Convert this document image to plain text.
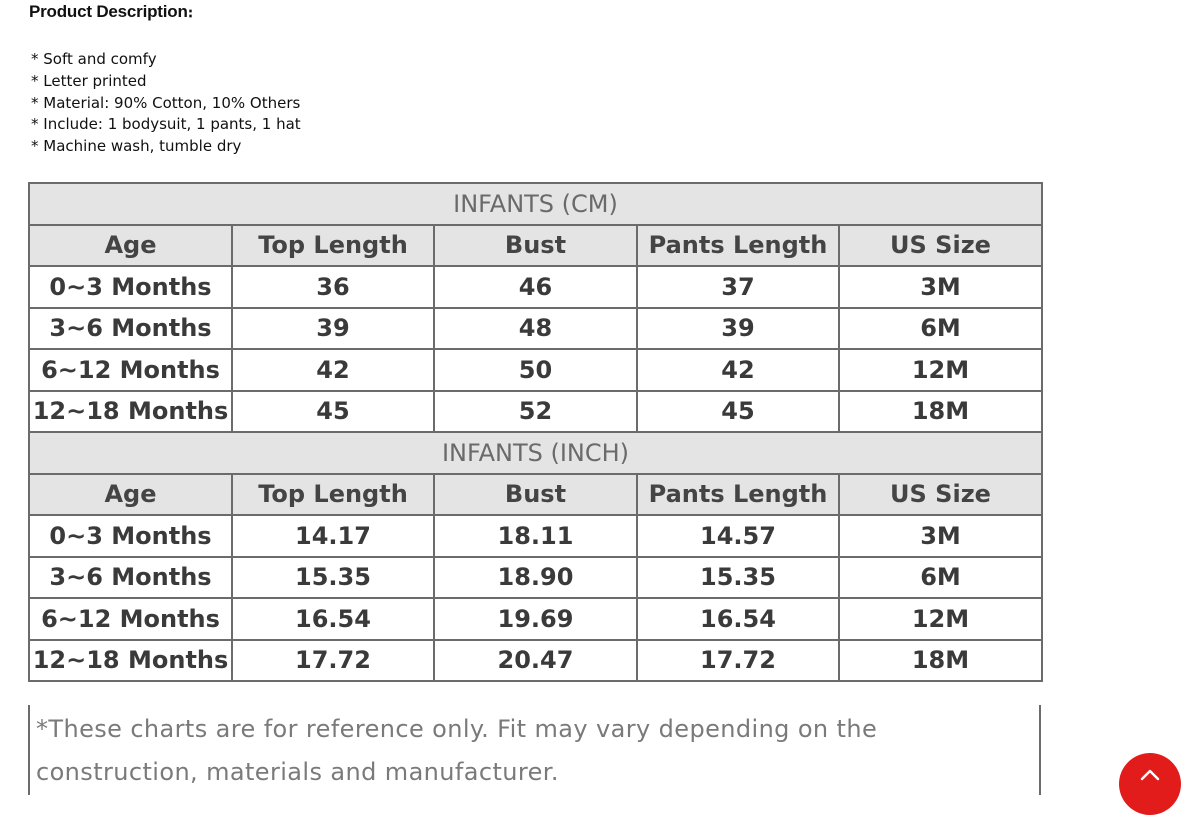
Product Description։
* Soft and comfy
* Letter printed
* Material: 90% Cotton, 10% Others
* Include: 1 bodysuit, 1 pants, 1 hat
* Machine wash, tumble dry
INFANTS (CM)				
Age	Top Length	Bust	Pants Length	US Size
0~3 Months	36	46	37	3M
3~6 Months	39	48	39	6M
6~12 Months	42	50	42	12M
12~18 Months	45	52	45	18M
INFANTS (INCH)				
Age	Top Length	Bust	Pants Length	US Size
0~3 Months	14.17	18.11	14.57	3M
3~6 Months	15.35	18.90	15.35	6M
6~12 Months	16.54	19.69	16.54	12M
12~18 Months	17.72	20.47	17.72	18M
*These charts are for reference only. Fit may vary depending on the construction, materials and manufacturer.
